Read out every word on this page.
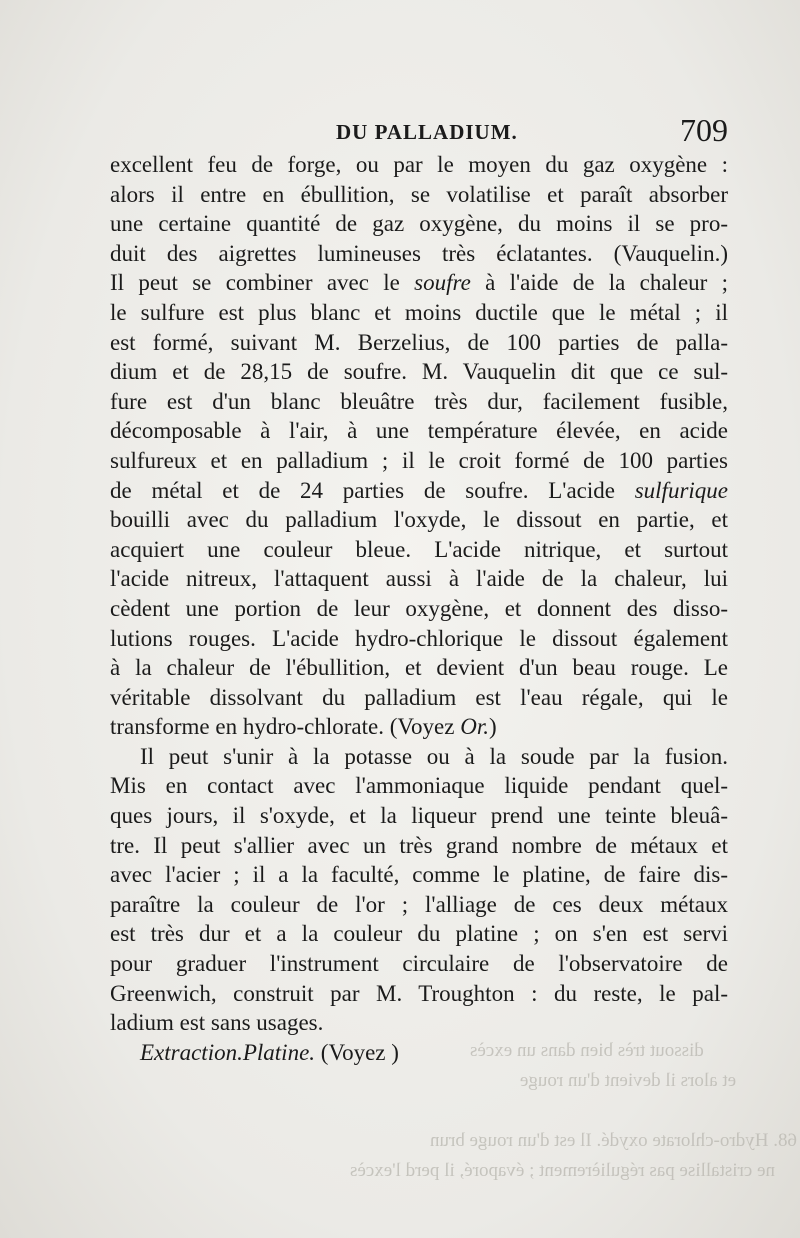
DU PALLADIUM.	709
excellent feu de forge, ou par le moyen du gaz oxygène :
alors il entre en ébullition, se volatilise et paraît absorber
une certaine quantité de gaz oxygène, du moins il se pro-
duit des aigrettes lumineuses très éclatantes. (Vauquelin.)
Il peut se combiner avec le soufre à l'aide de la chaleur ;
le sulfure est plus blanc et moins ductile que le métal ; il
est formé, suivant M. Berzelius, de 100 parties de palla-
dium et de 28,15 de soufre. M. Vauquelin dit que ce sul-
fure est d'un blanc bleuâtre très dur, facilement fusible,
décomposable à l'air, à une température élevée, en acide
sulfureux et en palladium ; il le croit formé de 100 parties
de métal et de 24 parties de soufre. L'acide sulfurique
bouilli avec du palladium l'oxyde, le dissout en partie, et
acquiert une couleur bleue. L'acide nitrique, et surtout
l'acide nitreux, l'attaquent aussi à l'aide de la chaleur, lui
cèdent une portion de leur oxygène, et donnent des disso-
lutions rouges. L'acide hydro-chlorique le dissout également
à la chaleur de l'ébullition, et devient d'un beau rouge. Le
véritable dissolvant du palladium est l'eau régale, qui le
transforme en hydro-chlorate. (Voyez Or.)
Il peut s'unir à la potasse ou à la soude par la fusion.
Mis en contact avec l'ammoniaque liquide pendant quel-
ques jours, il s'oxyde, et la liqueur prend une teinte bleuâ-
tre. Il peut s'allier avec un très grand nombre de métaux et
avec l'acier ; il a la faculté, comme le platine, de faire dis-
paraître la couleur de l'or ; l'alliage de ces deux métaux
est très dur et a la couleur du platine ; on s'en est servi
pour graduer l'instrument circulaire de l'observatoire de
Greenwich, construit par M. Troughton : du reste, le pal-
ladium est sans usages.
Extraction.Platine. (Voyez )	dissout très bien dans un excès
et alors il devient d'un rouge
68. Hydro-chlorate oxydé. Il est d'un rouge brun
ne cristallise pas régulièrement ; évaporé, il perd l'excès
